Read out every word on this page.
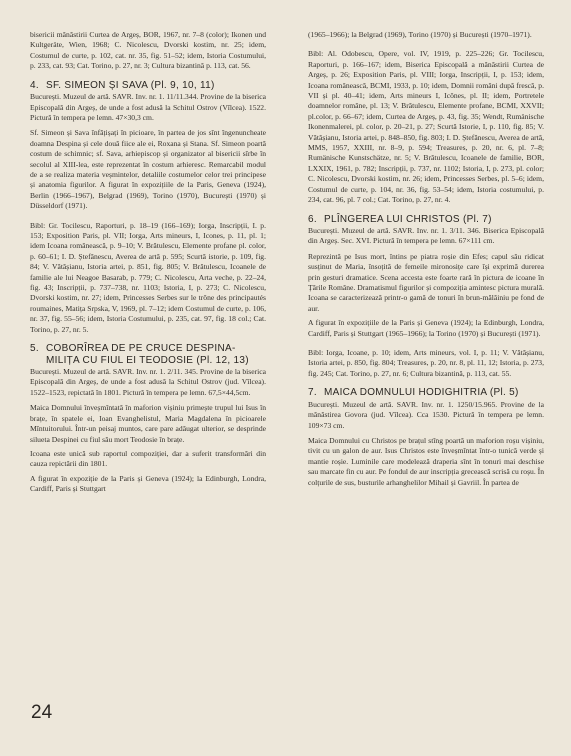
bisericii mănăstirii Curtea de Argeș, BOR, 1967, nr. 7–8 (color); Ikonen und Kultgeräte, Wien, 1968; C. Nicolescu, Dvorski kostim, nr. 25; idem, Costumul de curte, p. 102, cat. nr. 35, fig. 51–52; idem, Istoria Costumului, p. 233, cat. 93; Cat. Torino, p. 27, nr. 3; Cultura bizantină p. 113, cat. 56.

4. SF. SIMEON ȘI SAVA (Pl. 9, 10, 11)

București. Muzeul de artă. SAVR. Inv. nr. 1. 11/11.344. Provine de la biserica Episcopală din Argeș, de unde a fost adusă la Schitul Ostrov (Vîlcea). 1522. Pictură în tempera pe lemn. 47×30,3 cm.

Sf. Simeon și Sava înfățișați în picioare, în partea de jos sînt îngenuncheate doamna Despina și cele două fiice ale ei, Roxana și Stana. Sf. Simeon poartă costum de schimnic; sf. Sava, arhiepiscop și organizator al bisericii sîrbe în secolul al XIII-lea, este reprezentat în costum arhieresc. Remarcabil modul de a se realiza materia veșmintelor, detaliile costumelor celor trei principese și anatomia figurilor. A figurat în expozițiile de la Paris, Geneva (1924), Berlin (1966–1967), Belgrad (1969), Torino (1970), București (1970) și Düsseldorf (1971).

Bibl: Gr. Tocilescu, Raporturi, p. 18–19 (166–169); Iorga, Inscripții, I. p. 153; Exposition Paris, pl. VII; Iorga, Arts mineurs, I, Icones, p. 11, pl. 1; idem Icoana românească, p. 9–10; V. Brătulescu, Elemente profane pl. color, p. 60–61; I. D. Ștefănescu, Averea de artă p. 595; Scurtă istorie, p. 109, fig. 84; V. Vătășianu, Istoria artei, p. 851, fig. 805; V. Brătulescu, Icoanele de familie ale lui Neagoe Basarab, p. 779; C. Nicolescu, Arta veche, p. 22–24, fig. 43; Inscripții, p. 737–738, nr. 1103; Istoria, I, p. 273; C. Nicolescu, Dvorski kostim, nr. 27; idem, Princesses Serbes sur le trône des principautés roumaines, Matița Srpska, V, 1969, pl. 7–12; idem Costumul de curte, p. 106, nr. 37, fig. 55–56; idem, Istoria Costumului, p. 235, cat. 97, fig. 18 col.; Cat. Torino, p. 27, nr. 5.

5. COBORÎREA DE PE CRUCE DESPINA-MILIȚA CU FIUL EI TEODOSIE (Pl. 12, 13)

București. Muzeul de artă. SAVR. Inv. nr. 1. 2/11. 345. Provine de la biserica Episcopală din Argeș, de unde a fost adusă la Schitul Ostrov (jud. Vîlcea). 1522–1523, repictată în 1801. Pictură în tempera pe lemn. 67,5×44,5cm.

Maica Domnului înveșmîntată în maforion vișiniu primește trupul lui Isus în brațe, în spatele ei, Ioan Evanghelistul, Maria Magdalena în picioarele Mîntuitorului. Într-un peisaj muntos, care pare adăugat ulterior, se desprinde silueta Despinei cu fiul său mort Teodosie în brațe.

Icoana este unică sub raportul compoziției, dar a suferit transformări din cauza repictării din 1801.

A figurat în expoziție de la Paris și Geneva (1924); la Edinburgh, Londra, Cardiff, Paris și Stuttgart

(1965–1966); la Belgrad (1969), Torino (1970) și București (1970–1971).

Bibl: Al. Odobescu, Opere, vol. IV, 1919, p. 225–226; Gr. Tocilescu, Raporturi, p. 166–167; idem, Biserica Episcopală a mănăstirii Curtea de Argeș, p. 26; Exposition Paris, pl. VIII; Iorga, Inscripții, I, p. 153; idem, Icoana românească, BCMI, 1933, p. 10; idem, Domnii români după frescă, p. VII și pl. 40–41; idem, Arts mineurs I, Icônes, pl. II; idem, Portretele doamnelor române, pl. 13; V. Brătulescu, Elemente profane, BCMI, XXVII; pl.color, p. 66–67; idem, Curtea de Argeș, p. 43, fig. 35; Wendt, Rumänische Ikonenmalerei, pl. color, p. 20–21, p. 27; Scurtă Istorie, I, p. 110, fig. 85; V. Vătășianu, Istoria artei, p. 848–850, fig. 803; I. D. Ștefănescu, Averea de artă, MMS, 1957, XXIII, nr. 8–9, p. 594; Treasures, p. 20, nr. 6, pl. 7–8; Rumänische Kunstschätze, nr. 5; V. Brătulescu, Icoanele de familie, BOR, LXXIX, 1961, p. 782; Inscripții, p. 737, nr. 1102; Istoria, I, p. 273, pl. color; C. Nicolescu, Dvorski kostim, nr. 26; idem, Princesses Serbes, pl. 5–6; idem, Costumul de curte, p. 104, nr. 36, fig. 53–54; idem, Istoria costumului, p. 234, cat. 96, pl. 7 col.; Cat. Torino, p. 27, nr. 4.

6. PLÎNGEREA LUI CHRISTOS (Pl. 7)

București. Muzeul de artă. SAVR. Inv. nr. 1. 3/11. 346. Biserica Episcopală din Argeș. Sec. XVI. Pictură în tempera pe lemn. 67×111 cm.

Reprezintă pe Isus mort, întins pe piatra roșie din Efes; capul său ridicat susținut de Maria, însoțită de femeile mironosițe care își exprimă durerea prin gesturi dramatice. Scena accesta este foarte rară în pictura de icoane în Țările Române. Dramatismul figurilor și compoziția amintesc pictura murală. Icoana se caracterizează printr-o gamă de tonuri în brun-mălăiniu pe fond de aur.

A figurat în expozițiile de la Paris și Geneva (1924); la Edinburgh, Londra, Cardiff, Paris și Stuttgart (1965–1966); la Torino (1970) și București (1971).

Bibl: Iorga, Icoane, p. 10; idem, Arts mineurs, vol. I, p. 11; V. Vătășianu, Istoria artei, p. 850, fig. 804; Treasures, p. 20, nr. 8, pl. 11, 12; Istoria, p. 273, fig. 245; Cat. Torino, p. 27, nr. 6; Cultura bizantină, p. 113, cat. 55.

7. MAICA DOMNULUI HODIGHITRIA (Pl. 5)

București. Muzeul de artă. SAVR. Inv. nr. 1. 1250/15.965. Provine de la mănăstirea Govora (jud. Vîlcea). Cca 1530. Pictură în tempera pe lemn. 109×73 cm.

Maica Domnului cu Christos pe brațul stîng poartă un maforion roșu vișiniu, tivit cu un galon de aur. Isus Christos este înveșmîntat într-o tunică verde și mantie roșie. Luminile care modelează draperia sînt în tonuri mai deschise sau marcate fin cu aur. Pe fondul de aur inscripția grecească scrisă cu roșu. În colțurile de sus, busturile arhanghelilor Mihail și Gavriil. În partea de

24
